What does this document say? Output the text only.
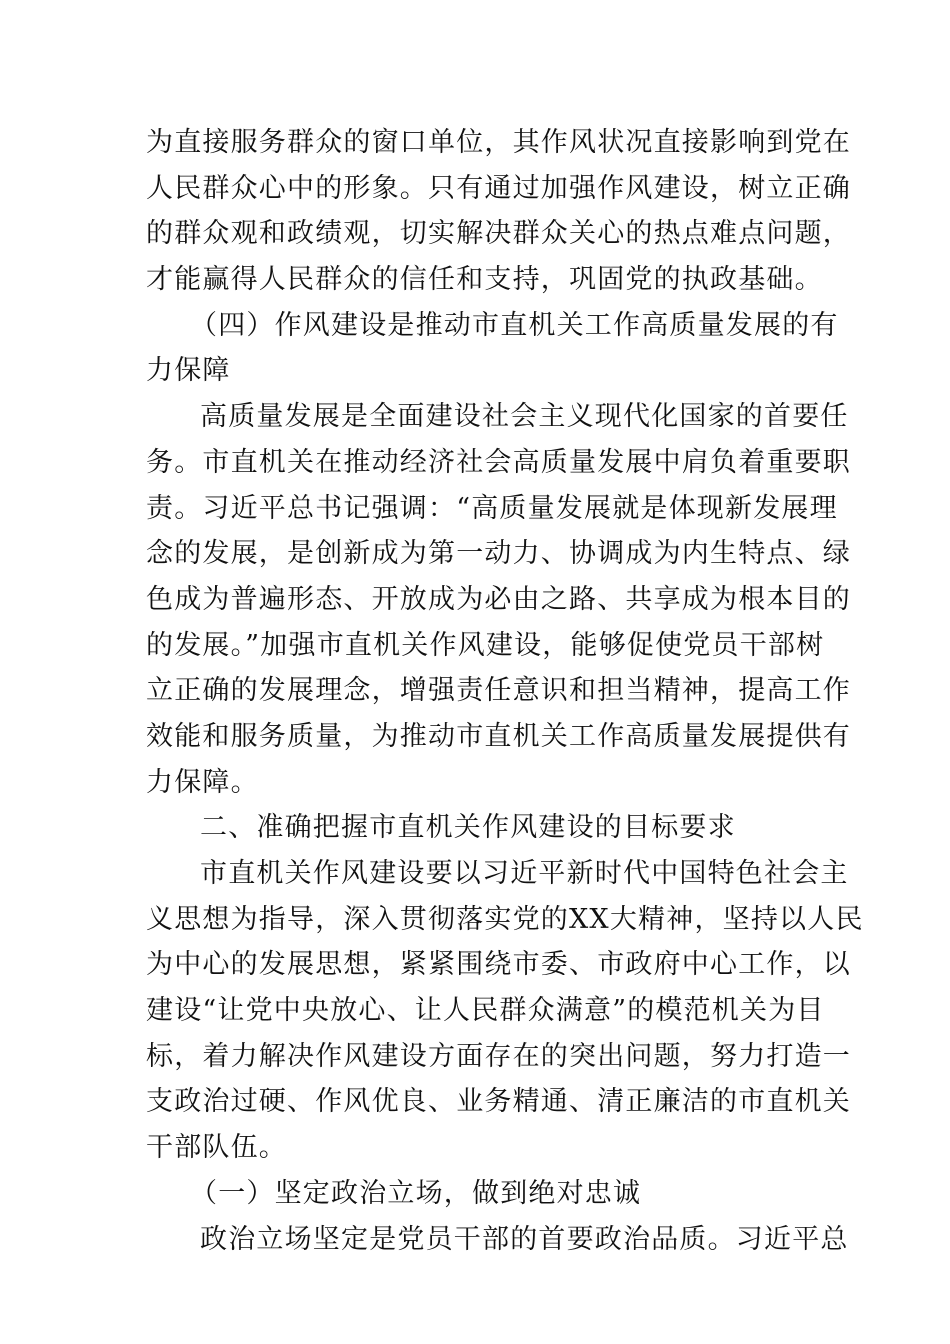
为直接服务群众的窗口单位，其作风状况直接影响到党在
人民群众心中的形象。只有通过加强作风建设，树立正确
的群众观和政绩观，切实解决群众关心的热点难点问题，
才能赢得人民群众的信任和支持，巩固党的执政基础。
（四）作风建设是推动市直机关工作高质量发展的有
力保障
高质量发展是全面建设社会主义现代化国家的首要任
务。市直机关在推动经济社会高质量发展中肩负着重要职
责。习近平总书记强调：“高质量发展就是体现新发展理
念的发展，是创新成为第一动力、协调成为内生特点、绿
色成为普遍形态、开放成为必由之路、共享成为根本目的
的发展。”加强市直机关作风建设，能够促使党员干部树
立正确的发展理念，增强责任意识和担当精神，提高工作
效能和服务质量，为推动市直机关工作高质量发展提供有
力保障。
二、准确把握市直机关作风建设的目标要求
市直机关作风建设要以习近平新时代中国特色社会主
义思想为指导，深入贯彻落实党的XX大精神，坚持以人民
为中心的发展思想，紧紧围绕市委、市政府中心工作，以
建设“让党中央放心、让人民群众满意”的模范机关为目
标，着力解决作风建设方面存在的突出问题，努力打造一
支政治过硬、作风优良、业务精通、清正廉洁的市直机关
干部队伍。
（一）坚定政治立场，做到绝对忠诚
政治立场坚定是党员干部的首要政治品质。习近平总
